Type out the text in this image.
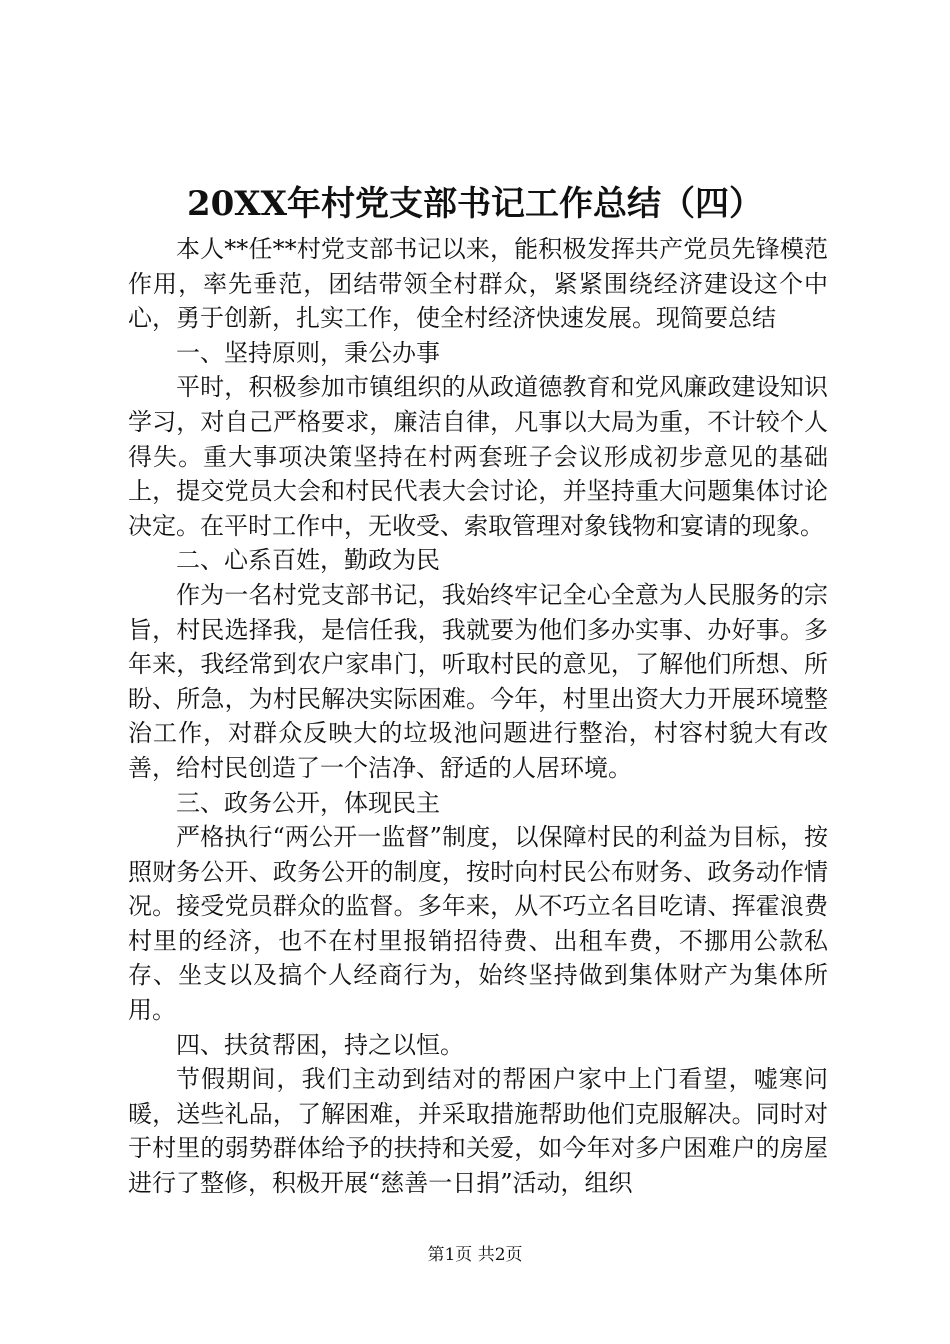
20XX年村党支部书记工作总结（四）

本人**任**村党支部书记以来，能积极发挥共产党员先锋模范作用，率先垂范，团结带领全村群众，紧紧围绕经济建设这个中心，勇于创新，扎实工作，使全村经济快速发展。现简要总结

一、坚持原则，秉公办事

平时，积极参加市镇组织的从政道德教育和党风廉政建设知识学习，对自己严格要求，廉洁自律，凡事以大局为重，不计较个人得失。重大事项决策坚持在村两套班子会议形成初步意见的基础上，提交党员大会和村民代表大会讨论，并坚持重大问题集体讨论决定。在平时工作中，无收受、索取管理对象钱物和宴请的现象。

二、心系百姓，勤政为民

作为一名村党支部书记，我始终牢记全心全意为人民服务的宗旨，村民选择我，是信任我，我就要为他们多办实事、办好事。多年来，我经常到农户家串门，听取村民的意见，了解他们所想、所盼、所急，为村民解决实际困难。今年，村里出资大力开展环境整治工作，对群众反映大的垃圾池问题进行整治，村容村貌大有改善，给村民创造了一个洁净、舒适的人居环境。

三、政务公开，体现民主

严格执行“两公开一监督”制度，以保障村民的利益为目标，按照财务公开、政务公开的制度，按时向村民公布财务、政务动作情况。接受党员群众的监督。多年来，从不巧立名目吃请、挥霍浪费村里的经济，也不在村里报销招待费、出租车费，不挪用公款私存、坐支以及搞个人经商行为，始终坚持做到集体财产为集体所用。

四、扶贫帮困，持之以恒。

节假期间，我们主动到结对的帮困户家中上门看望，嘘寒问暖，送些礼品，了解困难，并采取措施帮助他们克服解决。同时对于村里的弱势群体给予的扶持和关爱，如今年对多户困难户的房屋进行了整修，积极开展“慈善一日捐”活动，组织

第1页 共2页
